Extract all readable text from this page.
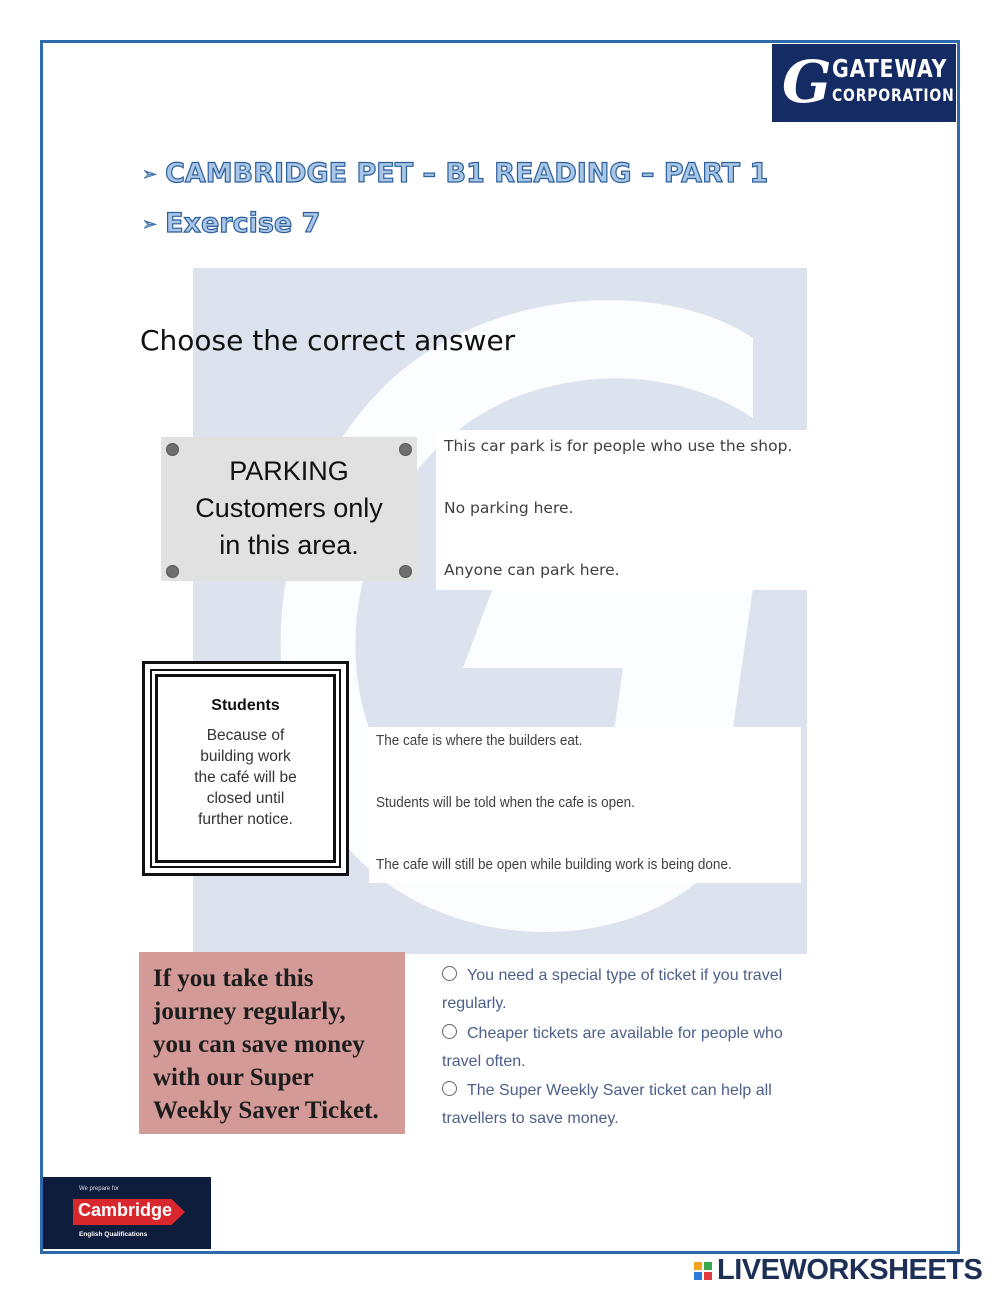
G GATEWAY
CORPORATION
➢ CAMBRIDGE PET – B1 READING – PART 1
➢ Exercise 7
Choose the correct answer
PARKING
Customers only
in this area.
This car park is for people who use the shop.
No parking here.
Anyone can park here.
Students
Because of
building work
the café will be
closed until
further notice.
The cafe is where the builders eat.
Students will be told when the cafe is open.
The cafe will still be open while building work is being done.
If you take this
journey regularly,
you can save money
with our Super
Weekly Saver Ticket.
You need a special type of ticket if you travel
regularly.
Cheaper tickets are available for people who
travel often.
The Super Weekly Saver ticket can help all
travellers to save money.
We prepare for
Cambridge
English Qualifications
LIVEWORKSHEETS
